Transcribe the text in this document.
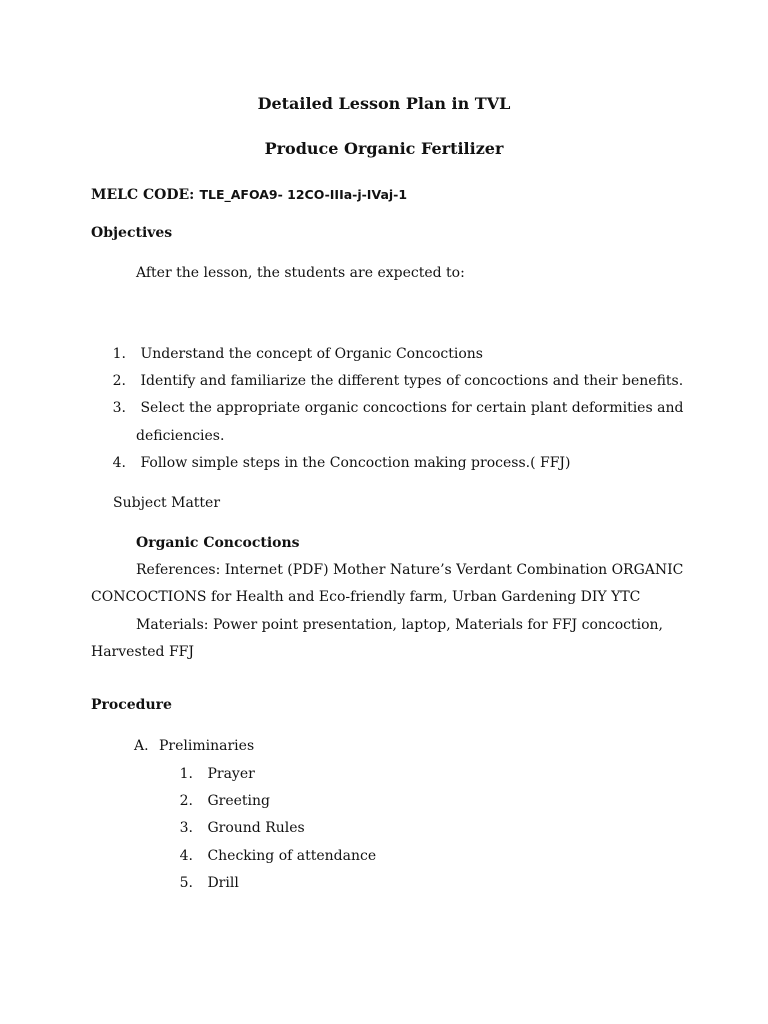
Detailed Lesson Plan in TVL
Produce Organic Fertilizer
MELC CODE: TLE_AFOA9- 12CO-IIIa-j-IVaj-1
Objectives
After the lesson, the students are expected to:
1. Understand the concept of Organic Concoctions
2. Identify and familiarize the different types of concoctions and their benefits.
3. Select the appropriate organic concoctions for certain plant deformities and
deficiencies.
4. Follow simple steps in the Concoction making process.( FFJ)
Subject Matter
Organic Concoctions
References: Internet (PDF) Mother Nature’s Verdant Combination ORGANIC
CONCOCTIONS for Health and Eco-friendly farm, Urban Gardening DIY YTC
Materials: Power point presentation, laptop, Materials for FFJ concoction,
Harvested FFJ
Procedure
A. Preliminaries
1. Prayer
2. Greeting
3. Ground Rules
4. Checking of attendance
5. Drill
